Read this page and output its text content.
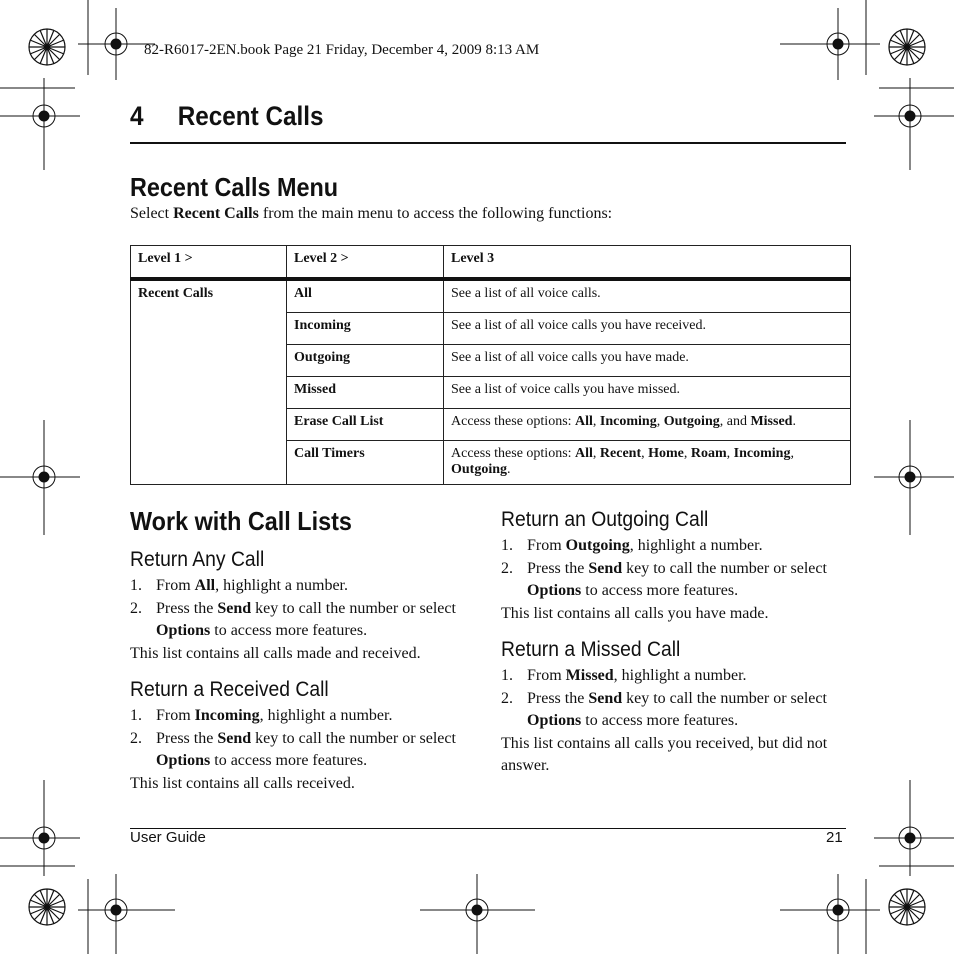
82-R6017-2EN.book Page 21 Friday, December 4, 2009 8:13 AM
4 Recent Calls
Recent Calls Menu
Select Recent Calls from the main menu to access the following functions:
Level 1 >	Level 2 >	Level 3
Recent Calls	All	See a list of all voice calls.
	Incoming	See a list of all voice calls you have received.
	Outgoing	See a list of all voice calls you have made.
	Missed	See a list of voice calls you have missed.
	Erase Call List	Access these options: All, Incoming, Outgoing, and Missed.
	Call Timers	Access these options: All, Recent, Home, Roam, Incoming, Outgoing.
Work with Call Lists
Return Any Call
1. From All, highlight a number.
2. Press the Send key to call the number or select Options to access more features.

This list contains all calls made and received.

Return a Received Call
1. From Incoming, highlight a number.
2. Press the Send key to call the number or select Options to access more features.

This list contains all calls received.

Return an Outgoing Call
1. From Outgoing, highlight a number.
2. Press the Send key to call the number or select Options to access more features.

This list contains all calls you have made.

Return a Missed Call
1. From Missed, highlight a number.
2. Press the Send key to call the number or select Options to access more features.

This list contains all calls you received, but did not answer.

User Guide	21
